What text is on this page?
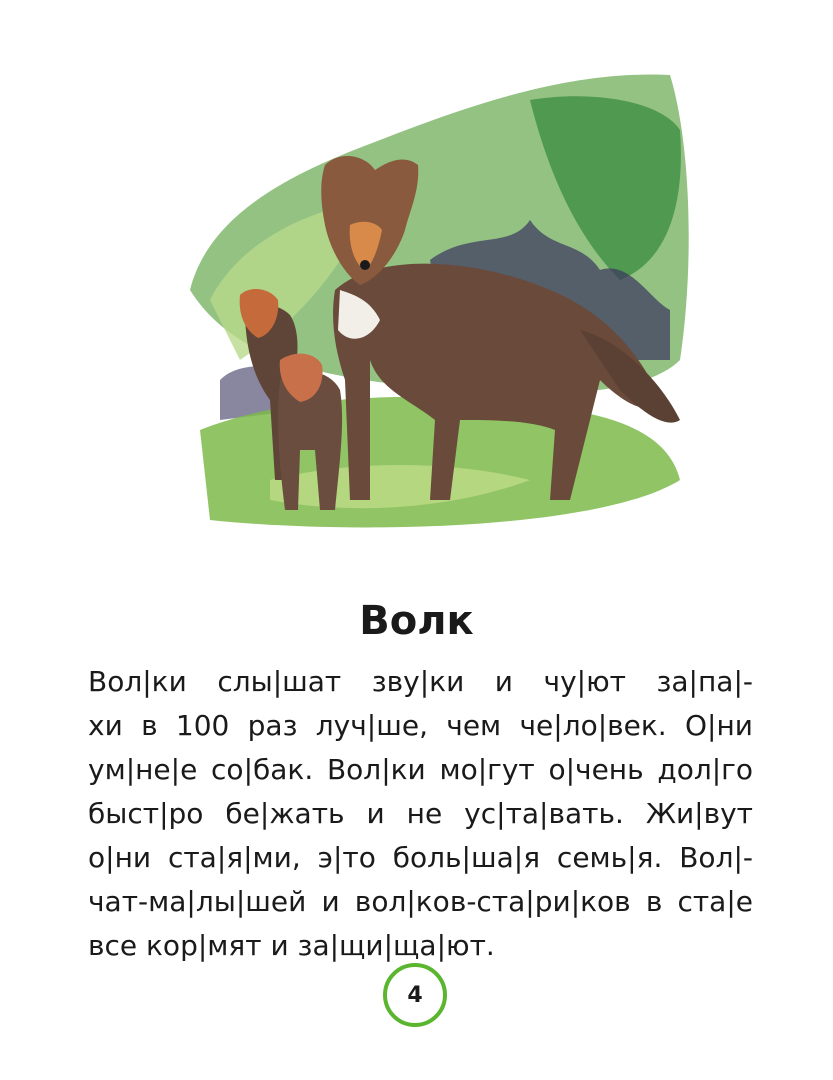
Волк
Вол|ки слы|шат зву|ки и чу|ют за|па|-
хи в 100 раз луч|ше, чем че|ло|век. О|ни
ум|не|е со|бак. Вол|ки мо|гут о|чень дол|го
быст|ро бе|жать и не ус|та|вать. Жи|вут
о|ни ста|я|ми, э|то боль|ша|я семь|я. Вол|-
чат-ма|лы|шей и вол|ков-ста|ри|ков в ста|е
все кор|мят и за|щи|ща|ют.
4
